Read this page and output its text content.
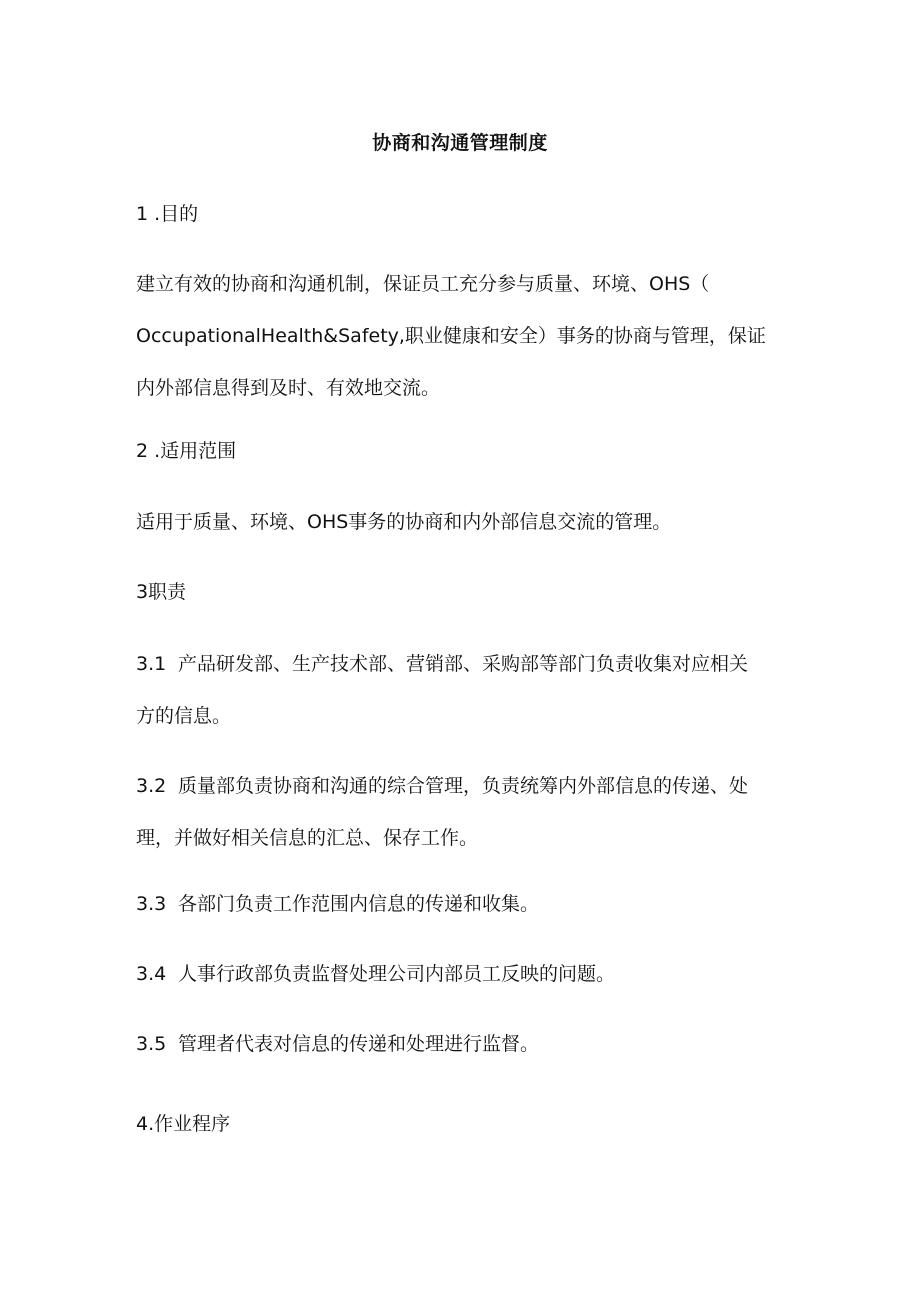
协商和沟通管理制度
1 .目的
建立有效的协商和沟通机制，保证员工充分参与质量、环境、OHS（
OccupationalHealth&Safety,职业健康和安全）事务的协商与管理，保证
内外部信息得到及时、有效地交流。
2 .适用范围
适用于质量、环境、OHS事务的协商和内外部信息交流的管理。
3职责
3.1 产品研发部、生产技术部、营销部、采购部等部门负责收集对应相关
方的信息。
3.2 质量部负责协商和沟通的综合管理，负责统筹内外部信息的传递、处
理，并做好相关信息的汇总、保存工作。
3.3 各部门负责工作范围内信息的传递和收集。
3.4 人事行政部负责监督处理公司内部员工反映的问题。
3.5 管理者代表对信息的传递和处理进行监督。
4.作业程序
